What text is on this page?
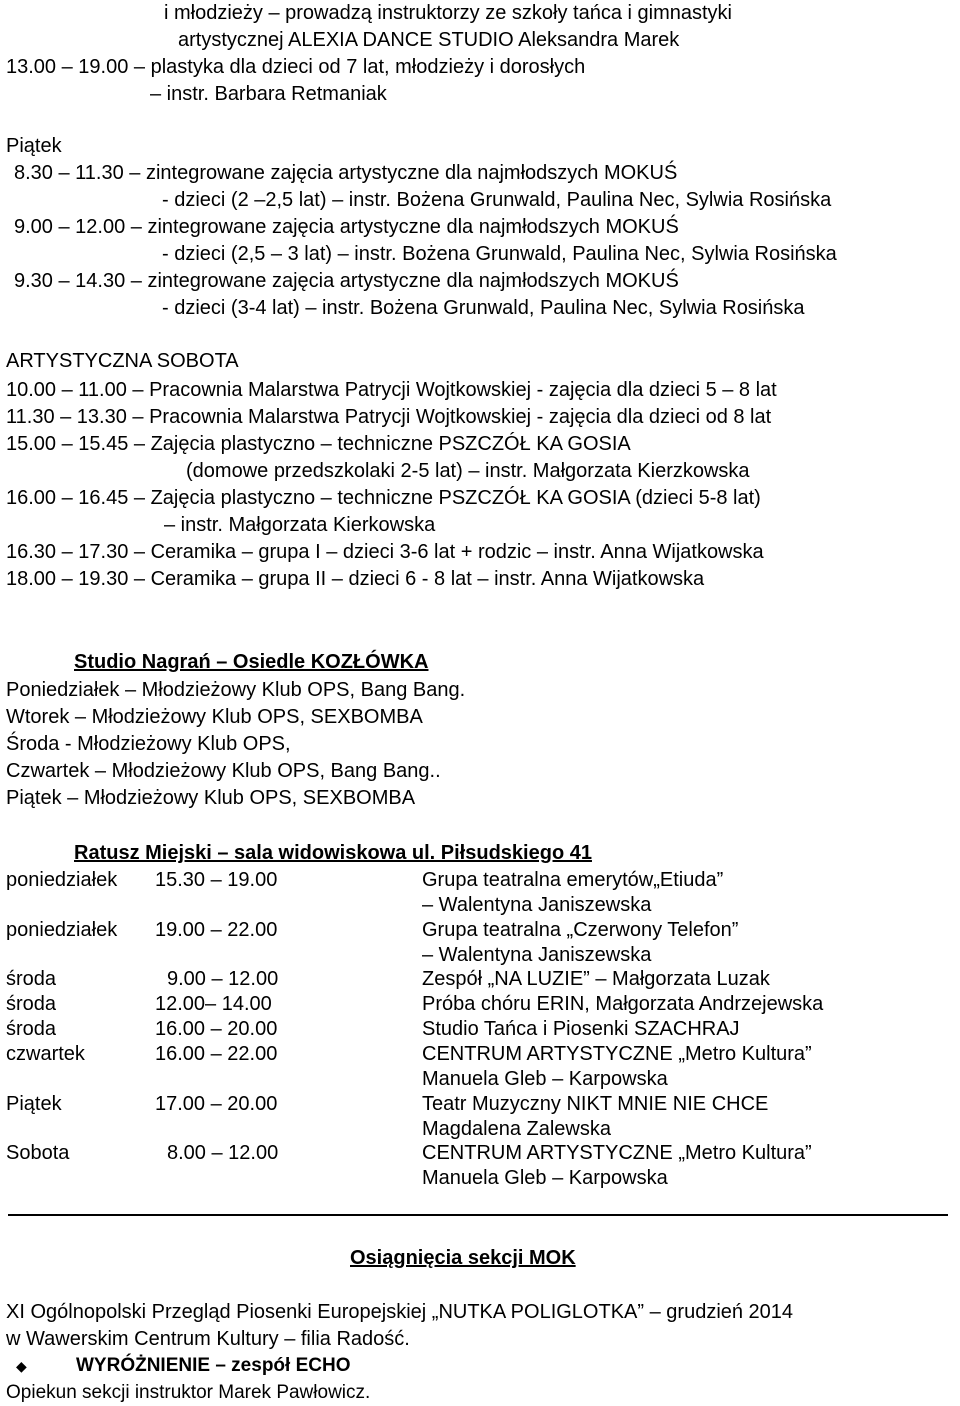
i młodzieży – prowadzą instruktorzy ze szkoły tańca i gimnastyki
artystycznej ALEXIA DANCE STUDIO Aleksandra Marek
13.00 – 19.00 – plastyka dla dzieci od 7 lat, młodzieży i dorosłych
– instr. Barbara Retmaniak
Piątek
8.30 – 11.30 – zintegrowane zajęcia artystyczne dla najmłodszych MOKUŚ
- dzieci (2 –2,5 lat) – instr. Bożena Grunwald, Paulina Nec, Sylwia Rosińska
9.00 – 12.00 – zintegrowane zajęcia artystyczne dla najmłodszych MOKUŚ
- dzieci (2,5 – 3 lat) – instr. Bożena Grunwald, Paulina Nec, Sylwia Rosińska
9.30 – 14.30 – zintegrowane zajęcia artystyczne dla najmłodszych MOKUŚ
- dzieci (3-4 lat) – instr. Bożena Grunwald, Paulina Nec, Sylwia Rosińska
ARTYSTYCZNA SOBOTA
10.00 – 11.00 – Pracownia Malarstwa Patrycji Wojtkowskiej - zajęcia dla dzieci 5 – 8 lat
11.30 – 13.30 – Pracownia Malarstwa Patrycji Wojtkowskiej - zajęcia dla dzieci od 8 lat
15.00 – 15.45 – Zajęcia plastyczno – techniczne PSZCZÓŁ KA GOSIA
(domowe przedszkolaki 2-5 lat) – instr. Małgorzata Kierzkowska
16.00 – 16.45 – Zajęcia plastyczno – techniczne PSZCZÓŁ KA GOSIA (dzieci 5-8 lat)
– instr. Małgorzata Kierkowska
16.30 – 17.30 – Ceramika – grupa I – dzieci 3-6 lat + rodzic – instr. Anna Wijatkowska
18.00 – 19.30 – Ceramika – grupa II – dzieci 6 - 8 lat – instr. Anna Wijatkowska
Studio Nagrań – Osiedle KOZŁÓWKA
Poniedziałek – Młodzieżowy Klub OPS, Bang Bang.
Wtorek – Młodzieżowy Klub OPS, SEXBOMBA
Środa - Młodzieżowy Klub OPS,
Czwartek – Młodzieżowy Klub OPS, Bang Bang..
Piątek – Młodzieżowy Klub OPS, SEXBOMBA
Ratusz Miejski – sala widowiskowa ul. Piłsudskiego 41
poniedziałek 15.30 – 19.00	Grupa teatralna emerytów„Etiuda”
– Walentyna Janiszewska
poniedziałek 19.00 – 22.00	Grupa teatralna „Czerwony Telefon”
– Walentyna Janiszewska
środa	9.00 – 12.00	Zespół „NA LUZIE” – Małgorzata Luzak
środa	12.00– 14.00	Próba chóru ERIN, Małgorzata Andrzejewska
środa	16.00 – 20.00	Studio Tańca i Piosenki SZACHRAJ
czwartek	16.00 – 22.00	CENTRUM ARTYSTYCZNE „Metro Kultura”
Manuela Gleb – Karpowska
Piątek	17.00 – 20.00	Teatr Muzyczny NIKT MNIE NIE CHCE
Magdalena Zalewska
Sobota	8.00 – 12.00	CENTRUM ARTYSTYCZNE „Metro Kultura”
Manuela Gleb – Karpowska
Osiągnięcia sekcji MOK
XI Ogólnopolski Przegląd Piosenki Europejskiej „NUTKA POLIGLOTKA” – grudzień 2014
w Wawerskim Centrum Kultury – filia Radość.
◆	WYRÓŻNIENIE – zespół ECHO
Opiekun sekcji instruktor Marek Pawłowicz.
